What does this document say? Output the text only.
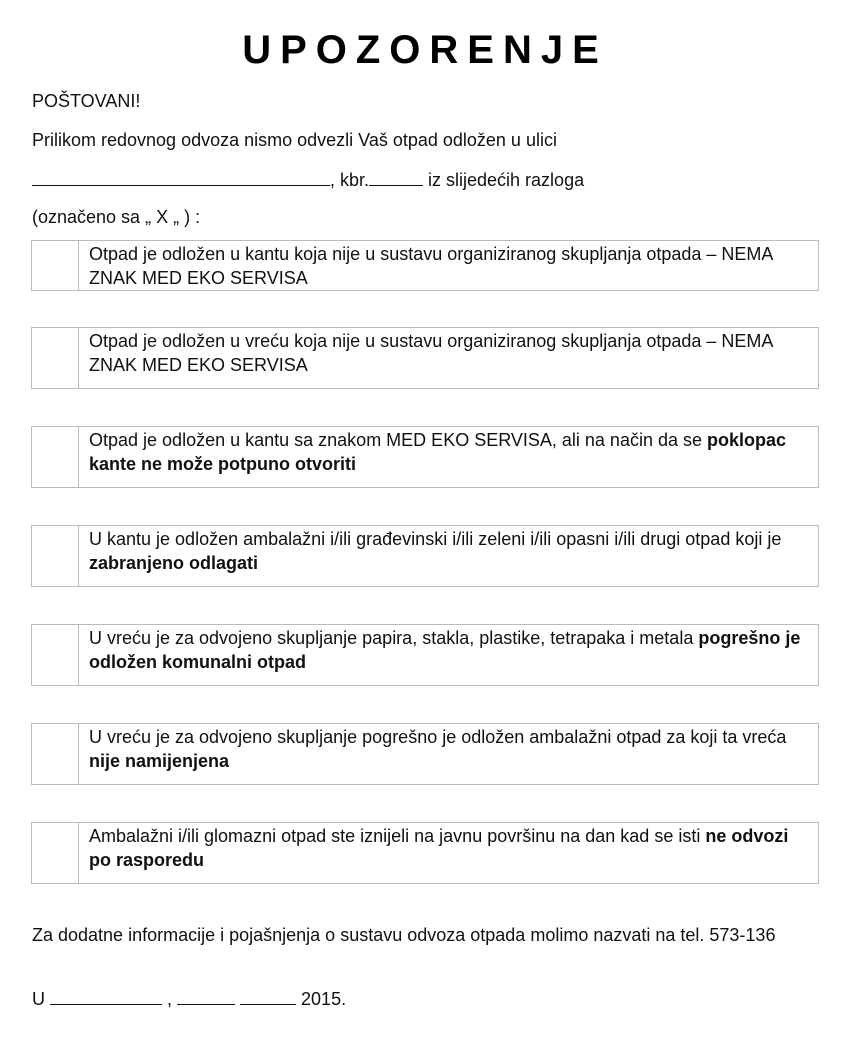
UPOZORENJE
POŠTOVANI!
Prilikom redovnog odvoza nismo odvezli Vaš otpad odložen u ulici
, kbr.	iz slijedećih razloga
(označeno sa „ X „ ) :
Otpad je odložen u kantu koja nije u sustavu organiziranog skupljanja otpada – NEMA ZNAK MED EKO SERVISA
Otpad je odložen u vreću koja nije u sustavu organiziranog skupljanja otpada – NEMA ZNAK MED EKO SERVISA
Otpad je odložen u kantu sa znakom MED EKO SERVISA, ali na način da se poklopac kante ne može potpuno otvoriti
U kantu je odložen ambalažni i/ili građevinski i/ili zeleni i/ili opasni i/ili drugi otpad koji je zabranjeno odlagati
U vreću je za odvojeno skupljanje papira, stakla, plastike, tetrapaka i metala pogrešno je odložen komunalni otpad
U vreću je za odvojeno skupljanje pogrešno je odložen ambalažni otpad za koji ta vreća nije namijenjena
Ambalažni i/ili glomazni otpad ste iznijeli na javnu površinu na dan kad se isti ne odvozi po rasporedu
Za dodatne informacije i pojašnjenja o sustavu odvoza otpada molimo nazvati na tel. 573-136
U	,	2015.
